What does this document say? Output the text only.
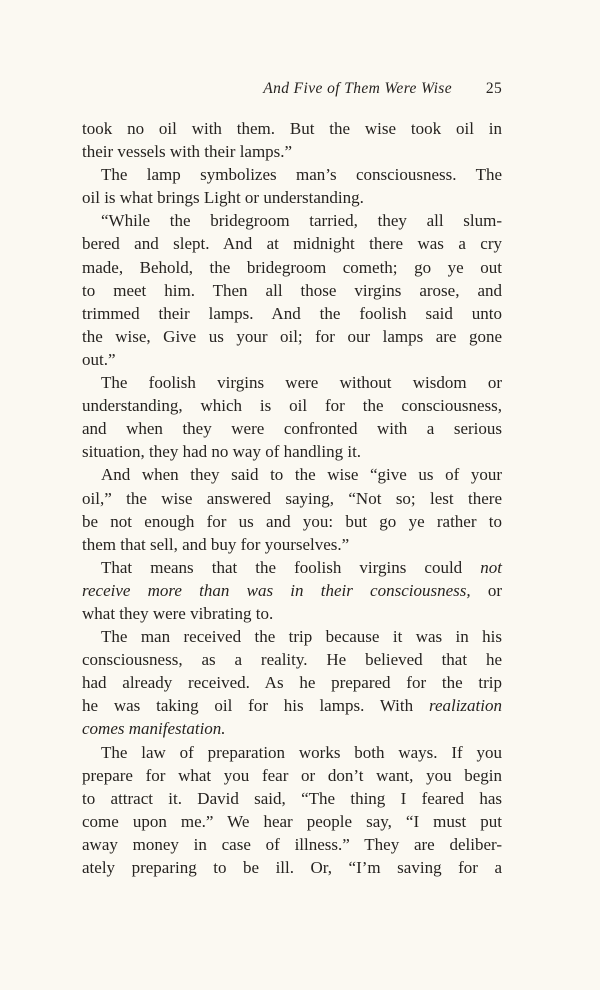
And Five of Them Were Wise 25
took no oil with them. But the wise took oil in
their vessels with their lamps.”
The lamp symbolizes man’s consciousness. The
oil is what brings Light or understanding.
“While the bridegroom tarried, they all slum-
bered and slept. And at midnight there was a cry
made, Behold, the bridegroom cometh; go ye out
to meet him. Then all those virgins arose, and
trimmed their lamps. And the foolish said unto
the wise, Give us your oil; for our lamps are gone
out.”
The foolish virgins were without wisdom or
understanding, which is oil for the consciousness,
and when they were confronted with a serious
situation, they had no way of handling it.
And when they said to the wise “give us of your
oil,” the wise answered saying, “Not so; lest there
be not enough for us and you: but go ye rather to
them that sell, and buy for yourselves.”
That means that the foolish virgins could not
receive more than was in their consciousness, or
what they were vibrating to.
The man received the trip because it was in his
consciousness, as a reality. He believed that he
had already received. As he prepared for the trip
he was taking oil for his lamps. With realization
comes manifestation.
The law of preparation works both ways. If you
prepare for what you fear or don’t want, you begin
to attract it. David said, “The thing I feared has
come upon me.” We hear people say, “I must put
away money in case of illness.” They are deliber-
ately preparing to be ill. Or, “I’m saving for a
